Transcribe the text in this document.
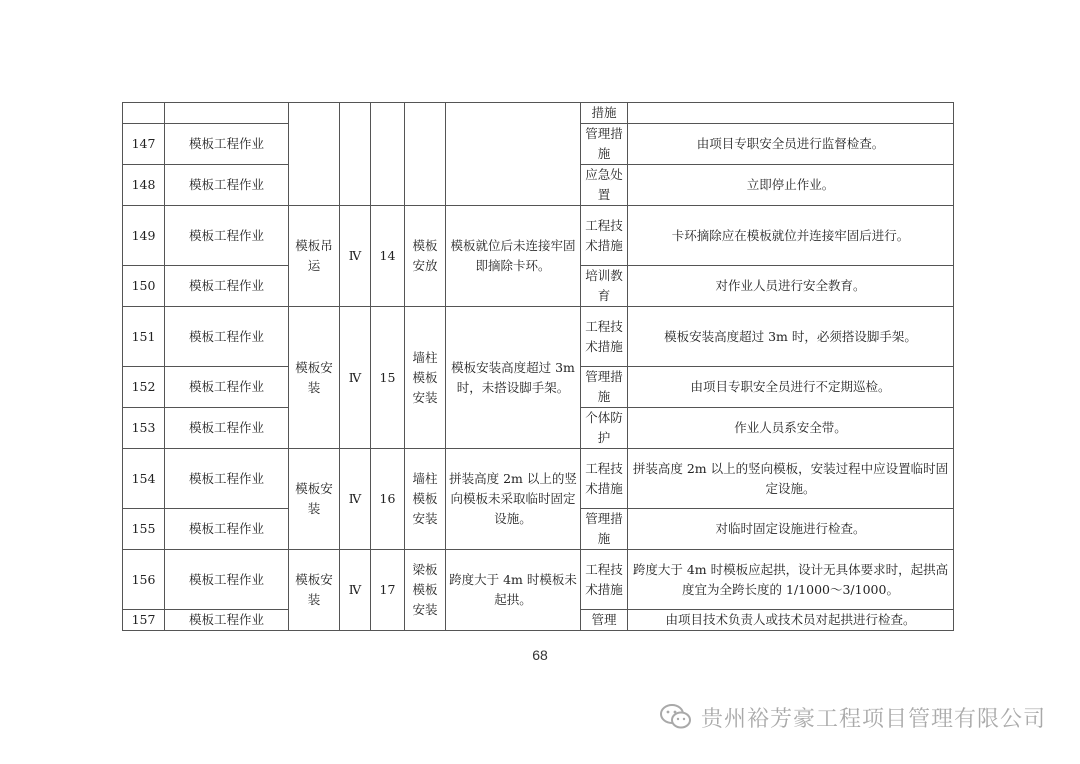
							措施	
147	模板工程作业						管理措施	由项目专职安全员进行监督检查。
148	模板工程作业						应急处置	立即停止作业。
149	模板工程作业	模板吊运	Ⅳ	14	模板安放	模板就位后未连接牢固即摘除卡环。	工程技术措施	卡环摘除应在模板就位并连接牢固后进行。
150	模板工程作业						培训教育	对作业人员进行安全教育。
151	模板工程作业	模板安装	Ⅳ	15	墙柱模板安装	模板安装高度超过 3m 时，未搭设脚手架。	工程技术措施	模板安装高度超过 3m 时，必须搭设脚手架。
152	模板工程作业						管理措施	由项目专职安全员进行不定期巡检。
153	模板工程作业						个体防护	作业人员系安全带。
154	模板工程作业	模板安装	Ⅳ	16	墙柱模板安装	拼装高度 2m 以上的竖向模板未采取临时固定设施。	工程技术措施	拼装高度 2m 以上的竖向模板，安装过程中应设置临时固定设施。
155	模板工程作业						管理措施	对临时固定设施进行检查。
156	模板工程作业	模板安装	Ⅳ	17	梁板模板安装	跨度大于 4m 时模板未起拱。	工程技术措施	跨度大于 4m 时模板应起拱，设计无具体要求时，起拱高度宜为全跨长度的 1/1000～3/1000。
157	模板工程作业						管理	由项目技术负责人或技术员对起拱进行检查。
68
贵州裕芳豪工程项目管理有限公司
